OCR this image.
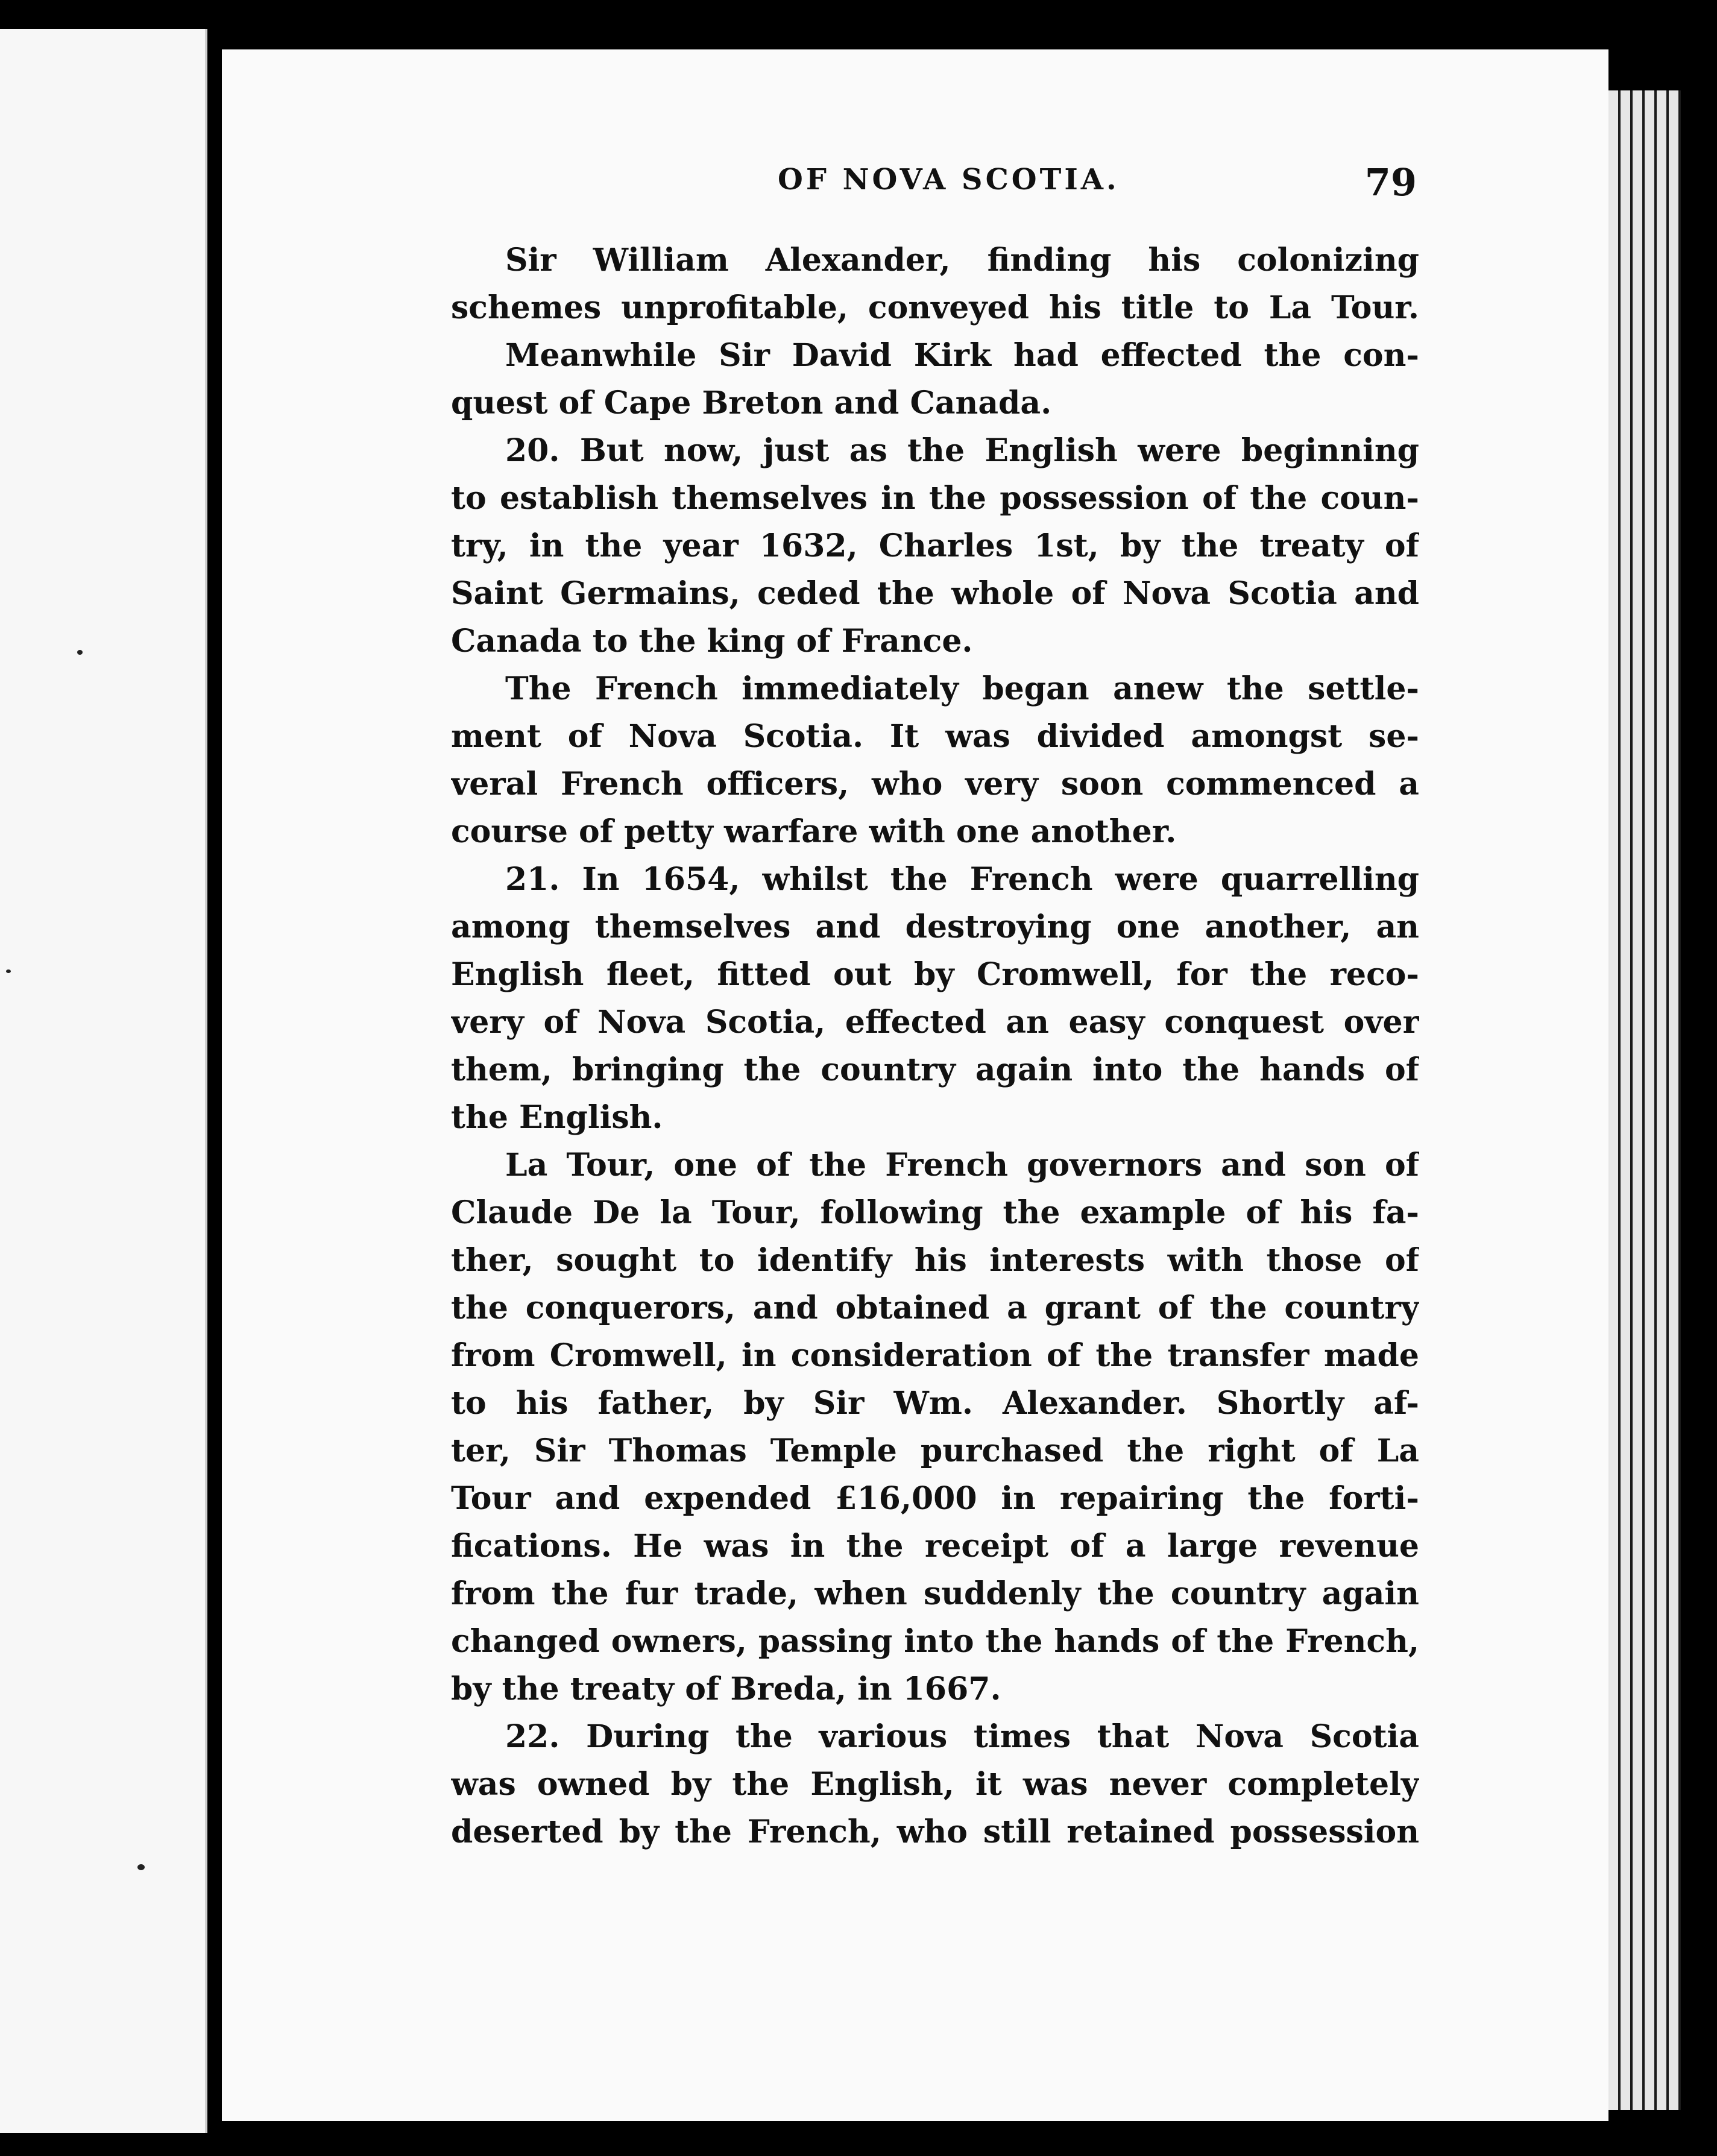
OF NOVA SCOTIA.	79
Sir William Alexander, finding his colonizing
schemes unprofitable, conveyed his title to La Tour.
Meanwhile Sir David Kirk had effected the con-
quest of Cape Breton and Canada.
20. But now, just as the English were beginning
to establish themselves in the possession of the coun-
try, in the year 1632, Charles 1st, by the treaty of
Saint Germains, ceded the whole of Nova Scotia and
Canada to the king of France.
The French immediately began anew the settle-
ment of Nova Scotia. It was divided amongst se-
veral French officers, who very soon commenced a
course of petty warfare with one another.
21. In 1654, whilst the French were quarrelling
among themselves and destroying one another, an
English fleet, fitted out by Cromwell, for the reco-
very of Nova Scotia, effected an easy conquest over
them, bringing the country again into the hands of
the English.
La Tour, one of the French governors and son of
Claude De la Tour, following the example of his fa-
ther, sought to identify his interests with those of
the conquerors, and obtained a grant of the country
from Cromwell, in consideration of the transfer made
to his father, by Sir Wm. Alexander. Shortly af-
ter, Sir Thomas Temple purchased the right of La
Tour and expended £16,000 in repairing the forti-
fications. He was in the receipt of a large revenue
from the fur trade, when suddenly the country again
changed owners, passing into the hands of the French,
by the treaty of Breda, in 1667.
22. During the various times that Nova Scotia
was owned by the English, it was never completely
deserted by the French, who still retained possession
